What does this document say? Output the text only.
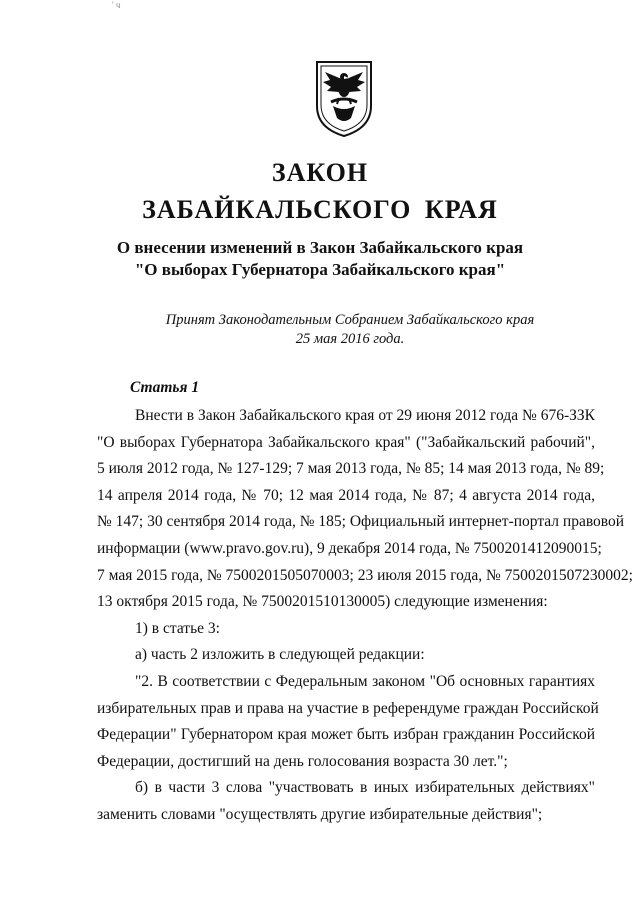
' ч
ЗАКОН
ЗАБАЙКАЛЬСКОГО КРАЯ
О внесении изменений в Закон Забайкальского края
"О выборах Губернатора Забайкальского края"
Принят Законодательным Собранием Забайкальского края
25 мая 2016 года.
Статья 1
Внести в Закон Забайкальского края от 29 июня 2012 года № 676-ЗЗК
"О выборах Губернатора Забайкальского края" ("Забайкальский рабочий",
5 июля 2012 года, № 127-129; 7 мая 2013 года, № 85; 14 мая 2013 года, № 89;
14 апреля 2014 года, № 70; 12 мая 2014 года, № 87; 4 августа 2014 года,
№ 147; 30 сентября 2014 года, № 185; Официальный интернет-портал правовой
информации (www.pravo.gov.ru), 9 декабря 2014 года, № 7500201412090015;
7 мая 2015 года, № 7500201505070003; 23 июля 2015 года, № 7500201507230002;
13 октября 2015 года, № 7500201510130005) следующие изменения:
1) в статье 3:
а) часть 2 изложить в следующей редакции:
"2. В соответствии с Федеральным законом "Об основных гарантиях
избирательных прав и права на участие в референдуме граждан Российской
Федерации" Губернатором края может быть избран гражданин Российской
Федерации, достигший на день голосования возраста 30 лет.";
б) в части 3 слова "участвовать в иных избирательных действиях"
заменить словами "осуществлять другие избирательные действия";
